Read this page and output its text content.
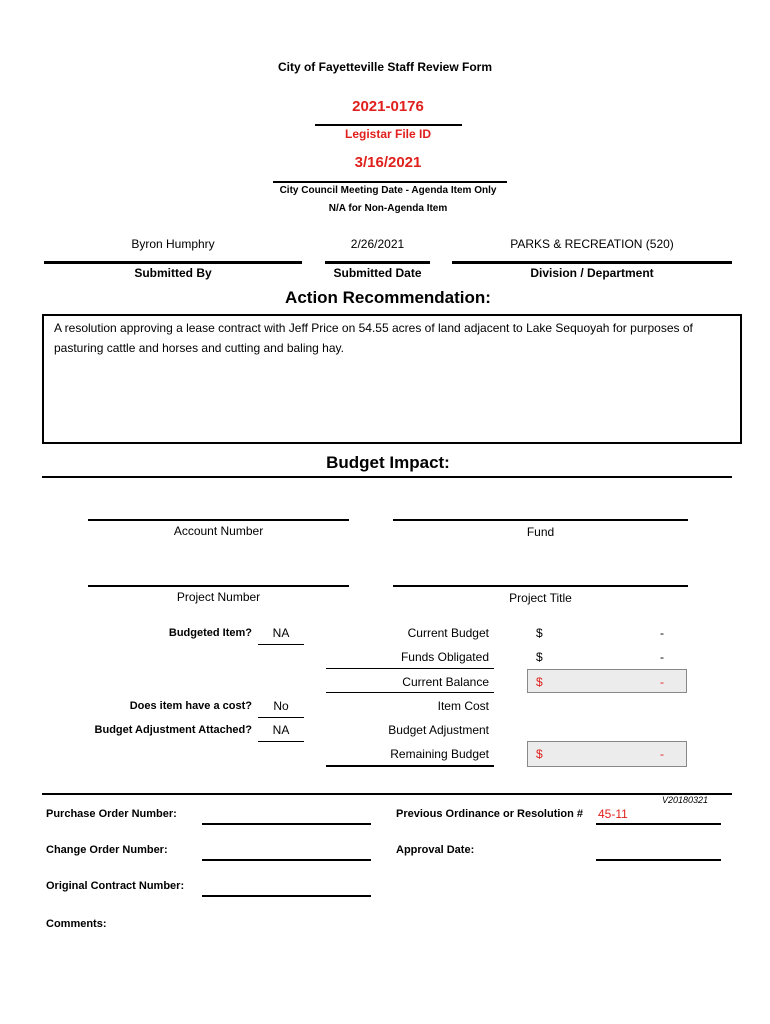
City of Fayetteville Staff Review Form
2021-0176
Legistar File ID
3/16/2021
City Council Meeting Date - Agenda Item Only
N/A for Non-Agenda Item
Byron Humphry
Submitted By
2/26/2021
Submitted Date
PARKS & RECREATION (520)
Division / Department
Action Recommendation:
A resolution approving a lease contract with Jeff Price on 54.55 acres of land adjacent to Lake Sequoyah for purposes of pasturing cattle and horses and cutting and baling hay.
Budget Impact:
Account Number	Fund
Project Number	Project Title
Budgeted Item?	NA
Does item have a cost?	No
Budget Adjustment Attached?	NA
Current Budget	$	-
Funds Obligated	$	-
Current Balance	$	-
Item Cost
Budget Adjustment
Remaining Budget	$	-
V20180321
Purchase Order Number:	Previous Ordinance or Resolution # 45-11
Change Order Number:	Approval Date:
Original Contract Number:
Comments:
